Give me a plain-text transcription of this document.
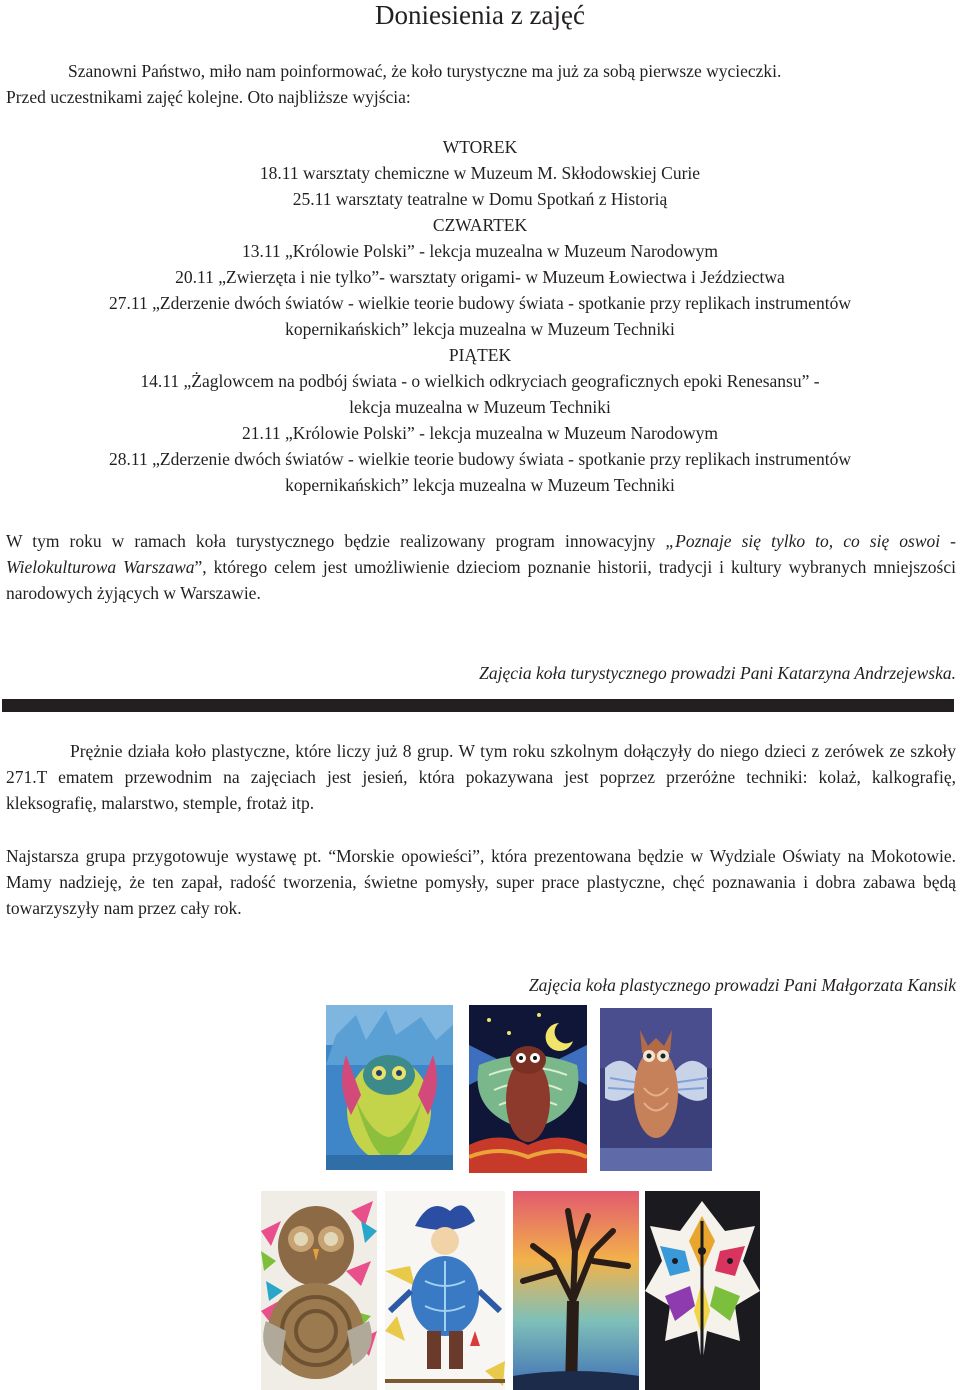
Doniesienia z zajęć

Szanowni Państwo, miło nam poinformować, że koło turystyczne ma już za sobą pierwsze wycieczki.

Przed uczestnikami zajęć kolejne. Oto najbliższe wyjścia:

WTOREK
18.11 warsztaty chemiczne w Muzeum M. Skłodowskiej Curie
25.11 warsztaty teatralne w Domu Spotkań z Historią
CZWARTEK
13.11 „Królowie Polski” - lekcja muzealna w Muzeum Narodowym
20.11 „Zwierzęta i nie tylko”- warsztaty origami- w Muzeum Łowiectwa i Jeździectwa
27.11 „Zderzenie dwóch światów - wielkie teorie budowy świata - spotkanie przy replikach instrumentów
kopernikańskich” lekcja muzealna w Muzeum Techniki
PIĄTEK
14.11 „Żaglowcem na podbój świata - o wielkich odkryciach geograficznych epoki Renesansu” -
lekcja muzealna w Muzeum Techniki
21.11 „Królowie Polski” - lekcja muzealna w Muzeum Narodowym
28.11 „Zderzenie dwóch światów - wielkie teorie budowy świata - spotkanie przy replikach instrumentów
kopernikańskich” lekcja muzealna w Muzeum Techniki

W tym roku w ramach koła turystycznego będzie realizowany program innowacyjny „Poznaje się tylko to, co się oswoi - Wielokulturowa Warszawa”, którego celem jest umożliwienie dzieciom poznanie historii, tradycji i kultury wybranych mniejszości narodowych żyjących w Warszawie.

Zajęcia koła turystycznego prowadzi Pani Katarzyna Andrzejewska.

Prężnie działa koło plastyczne, które liczy już 8 grup. W tym roku szkolnym dołączyły do niego dzieci z zerówek ze szkoły 271.T ematem przewodnim na zajęciach jest jesień, która pokazywana jest poprzez przeróżne techniki: kolaż, kalkografię, kleksografię, malarstwo, stemple, frotaż itp.

Najstarsza grupa przygotowuje wystawę pt. “Morskie opowieści”, która prezentowana będzie w Wydziale Oświaty na Mokotowie. Mamy nadzieję, że ten zapał, radość tworzenia, świetne pomysły, super prace plastyczne, chęć poznawania i dobra zabawa będą towarzyszyły nam przez cały rok.

Zajęcia koła plastycznego prowadzi Pani Małgorzata Kansik
